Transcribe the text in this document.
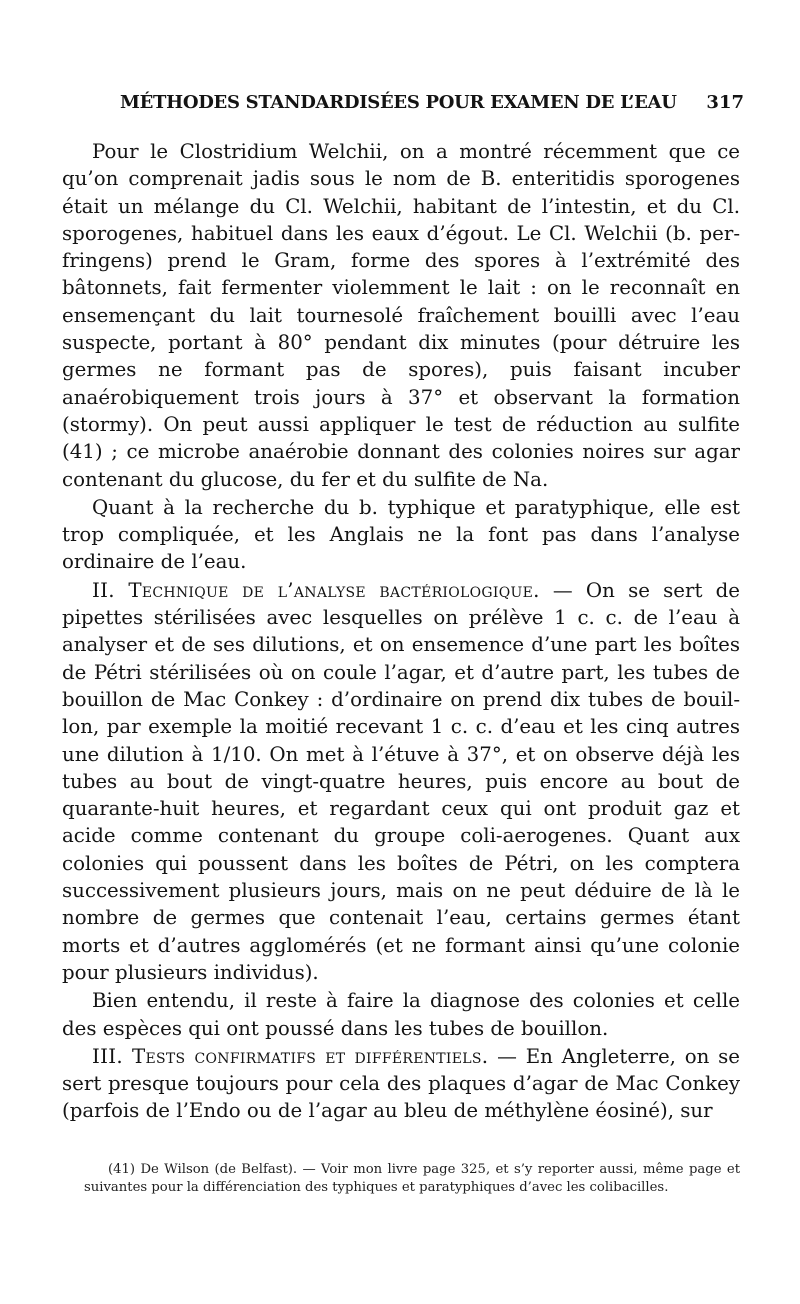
MÉTHODES STANDARDISÉES POUR EXAMEN DE L’EAU 317

Pour le Clostridium Welchii, on a montré récemment que ce qu’on comprenait jadis sous le nom de B. enteritidis sporogenes était un mélange du Cl. Welchii, habitant de l’intestin, et du Cl. sporogenes, habituel dans les eaux d’égout. Le Cl. Welchii (b. perfringens) prend le Gram, forme des spores à l’extrémité des bâtonnets, fait fermenter violemment le lait : on le reconnaît en ensemençant du lait tournesolé fraîchement bouilli avec l’eau suspecte, portant à 80° pendant dix minutes (pour détruire les germes ne formant pas de spores), puis faisant incuber anaérobiquement trois jours à 37° et observant la formation (stormy). On peut aussi appliquer le test de réduction au sulfite (41) ; ce microbe anaérobie donnant des colonies noires sur agar contenant du glucose, du fer et du sulfite de Na.

Quant à la recherche du b. typhique et paratyphique, elle est trop compliquée, et les Anglais ne la font pas dans l’analyse ordinaire de l’eau.

II. Technique de l’analyse bactériologique. — On se sert de pipettes stérilisées avec lesquelles on prélève 1 c. c. de l’eau à analyser et de ses dilutions, et on ensemence d’une part les boîtes de Pétri stérilisées où on coule l’agar, et d’autre part, les tubes de bouillon de Mac Conkey : d’ordinaire on prend dix tubes de bouillon, par exemple la moitié recevant 1 c. c. d’eau et les cinq autres une dilution à 1/10. On met à l’étuve à 37°, et on observe déjà les tubes au bout de vingt-quatre heures, puis encore au bout de quarante-huit heures, et regardant ceux qui ont produit gaz et acide comme contenant du groupe coli-aerogenes. Quant aux colonies qui poussent dans les boîtes de Pétri, on les comptera successivement plusieurs jours, mais on ne peut déduire de là le nombre de germes que contenait l’eau, certains germes étant morts et d’autres agglomérés (et ne formant ainsi qu’une colonie pour plusieurs individus).

Bien entendu, il reste à faire la diagnose des colonies et celle des espèces qui ont poussé dans les tubes de bouillon.

III. Tests confirmatifs et différentiels. — En Angleterre, on se sert presque toujours pour cela des plaques d’agar de Mac Conkey (parfois de l’Endo ou de l’agar au bleu de méthylène éosiné), sur

(41) De Wilson (de Belfast). — Voir mon livre page 325, et s’y reporter aussi, même page et suivantes pour la différenciation des typhiques et paratyphiques d’avec les colibacilles.
